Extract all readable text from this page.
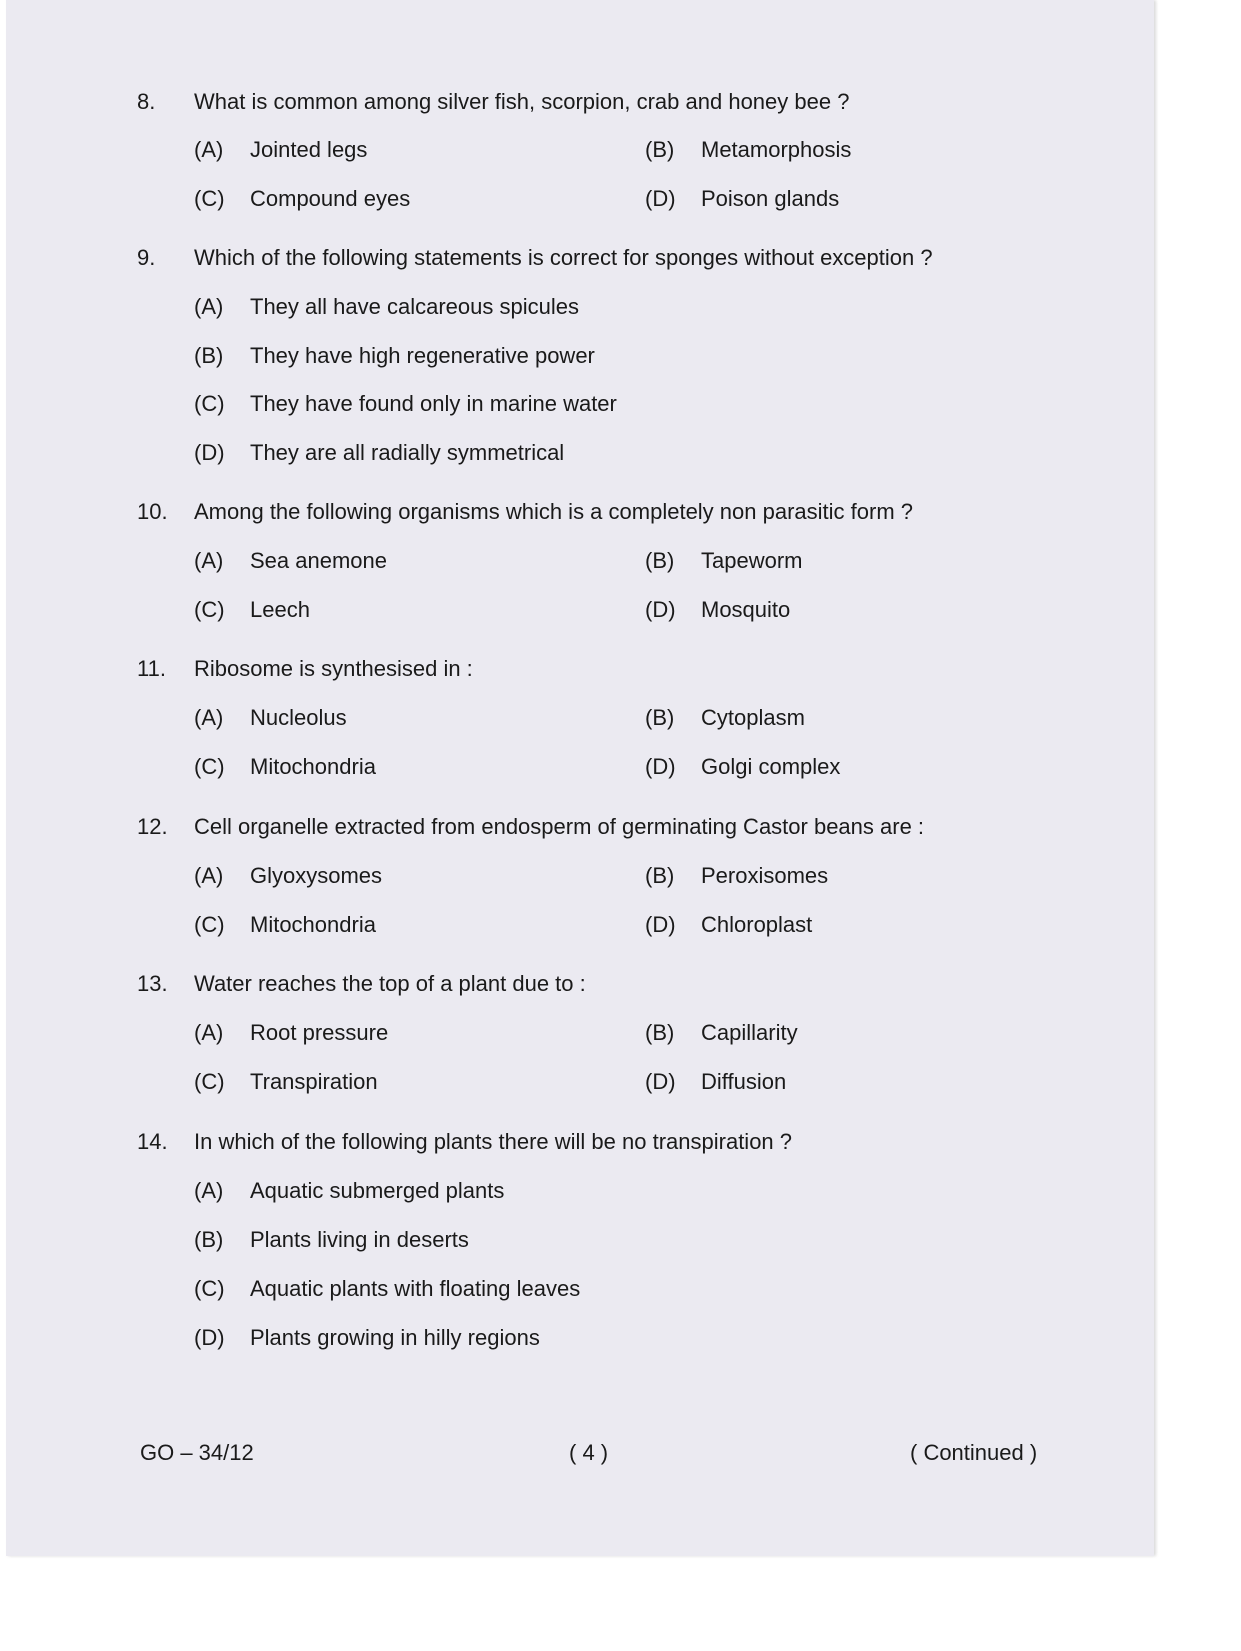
8.	What is common among silver fish, scorpion, crab and honey bee ?
(A) Jointed legs	(B) Metamorphosis
(C) Compound eyes	(D) Poison glands
9.	Which of the following statements is correct for sponges without exception ?
(A) They all have calcareous spicules
(B) They have high regenerative power
(C) They have found only in marine water
(D) They are all radially symmetrical
10.	Among the following organisms which is a completely non parasitic form ?
(A) Sea anemone	(B) Tapeworm
(C) Leech	(D) Mosquito
11.	Ribosome is synthesised in :
(A) Nucleolus	(B) Cytoplasm
(C) Mitochondria	(D) Golgi complex
12.	Cell organelle extracted from endosperm of germinating Castor beans are :
(A) Glyoxysomes	(B) Peroxisomes
(C) Mitochondria	(D) Chloroplast
13.	Water reaches the top of a plant due to :
(A) Root pressure	(B) Capillarity
(C) Transpiration	(D) Diffusion
14.	In which of the following plants there will be no transpiration ?
(A) Aquatic submerged plants
(B) Plants living in deserts
(C) Aquatic plants with floating leaves
(D) Plants growing in hilly regions
GO – 34/12	( 4 )	( Continued )
